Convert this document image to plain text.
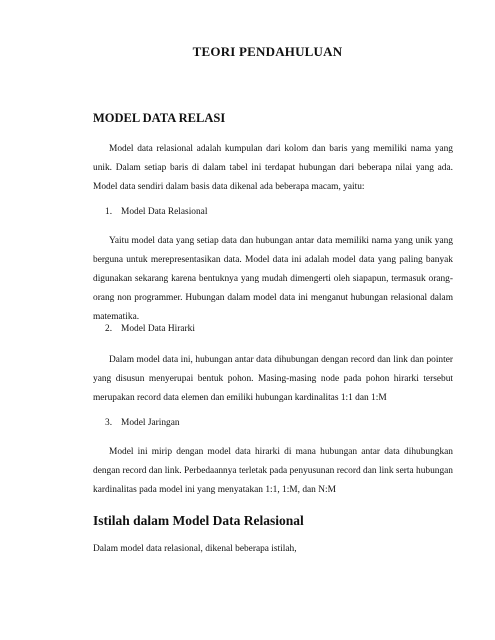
TEORI PENDAHULUAN
MODEL DATA RELASI
Model data relasional adalah kumpulan dari kolom dan baris yang memiliki nama yang unik. Dalam setiap baris di dalam tabel ini terdapat hubungan dari beberapa nilai yang ada. Model data sendiri dalam basis data dikenal ada beberapa macam, yaitu:
1. Model Data Relasional
Yaitu model data yang setiap data dan hubungan antar data memiliki nama yang unik yang berguna untuk merepresentasikan data. Model data ini adalah model data yang paling banyak digunakan sekarang karena bentuknya yang mudah dimengerti oleh siapapun, termasuk orang-orang non programmer. Hubungan dalam model data ini menganut hubungan relasional dalam matematika.
2. Model Data Hirarki
Dalam model data ini, hubungan antar data dihubungan dengan record dan link dan pointer yang disusun menyerupai bentuk pohon. Masing-masing node pada pohon hirarki tersebut merupakan record data elemen dan emiliki hubungan kardinalitas 1:1 dan 1:M
3. Model Jaringan
Model ini mirip dengan model data hirarki di mana hubungan antar data dihubungkan dengan record dan link. Perbedaannya terletak pada penyusunan record dan link serta hubungan kardinalitas pada model ini yang menyatakan 1:1, 1:M, dan N:M
Istilah dalam Model Data Relasional
Dalam model data relasional, dikenal beberapa istilah,
